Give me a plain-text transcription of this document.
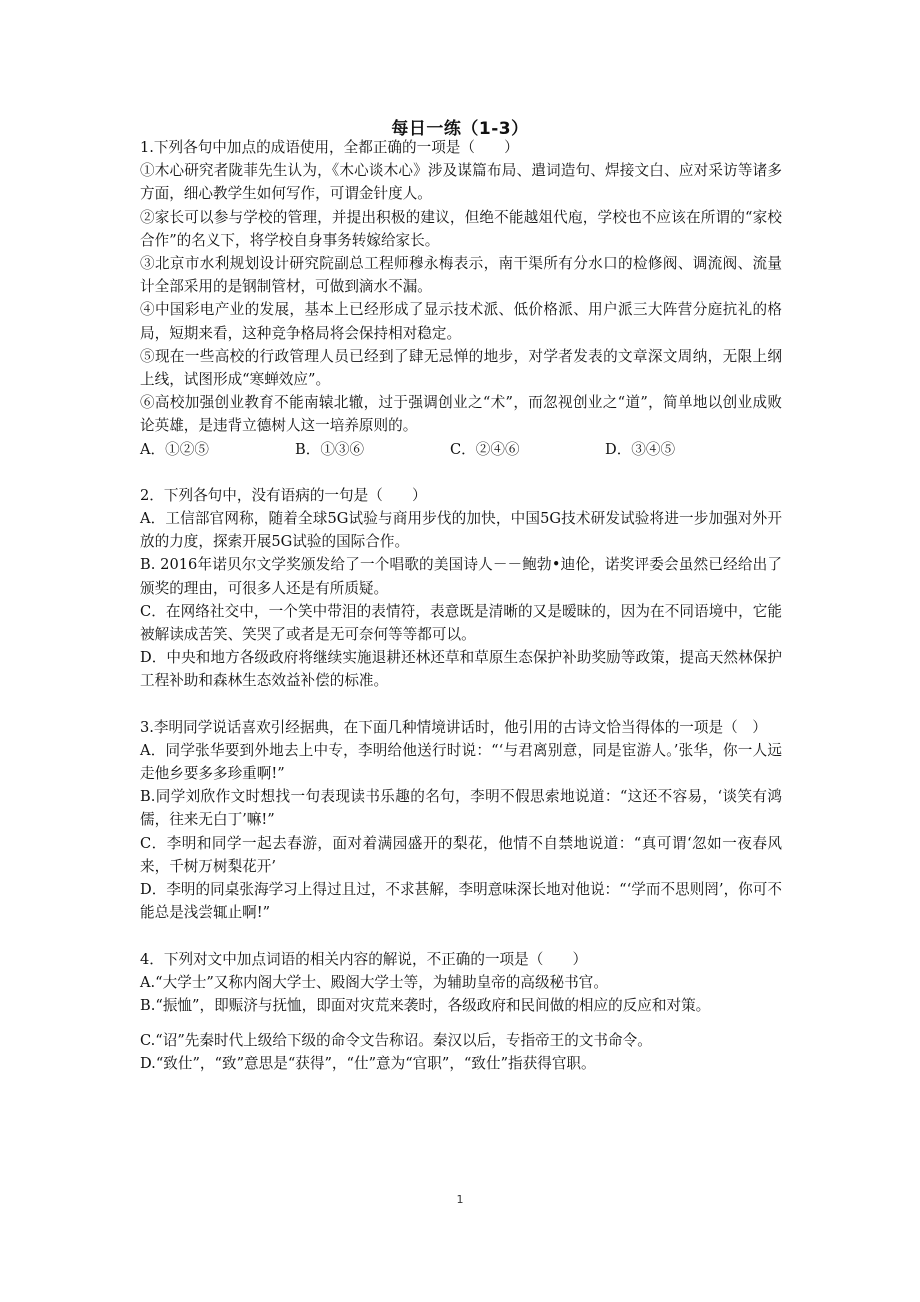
每日一练（1-3）

1.下列各句中加点的成语使用，全都正确的一项是（　　）

①木心研究者陇菲先生认为，《木心谈木心》涉及谋篇布局、遣词造句、焊接文白、应对采访等诸多方面，细心教学生如何写作，可谓金针度人。

②家长可以参与学校的管理，并提出积极的建议，但绝不能越俎代庖，学校也不应该在所谓的“家校合作”的名义下，将学校自身事务转嫁给家长。

③北京市水利规划设计研究院副总工程师穆永梅表示，南干渠所有分水口的检修阀、调流阀、流量计全部采用的是钢制管材，可做到滴水不漏。

④中国彩电产业的发展，基本上已经形成了显示技术派、低价格派、用户派三大阵营分庭抗礼的格局，短期来看，这种竞争格局将会保持相对稳定。

⑤现在一些高校的行政管理人员已经到了肆无忌惮的地步，对学者发表的文章深文周纳，无限上纲上线，试图形成“寒蝉效应”。

⑥高校加强创业教育不能南辕北辙，过于强调创业之“术”，而忽视创业之“道”，简单地以创业成败论英雄，是违背立德树人这一培养原则的。

A．①②⑤	B．①③⑥	C．②④⑥	D．③④⑤

2．下列各句中，没有语病的一句是（　　）

A．工信部官网称，随着全球5G试验与商用步伐的加快，中国5G技术研发试验将进一步加强对外开放的力度，探索开展5G试验的国际合作。

B. 2016年诺贝尔文学奖颁发给了一个唱歌的美国诗人－－鲍勃•迪伦，诺奖评委会虽然已经给出了颁奖的理由，可很多人还是有所质疑。

C．在网络社交中，一个笑中带泪的表情符，表意既是清晰的又是暧昧的，因为在不同语境中，它能被解读成苦笑、笑哭了或者是无可奈何等等都可以。

D．中央和地方各级政府将继续实施退耕还林还草和草原生态保护补助奖励等政策，提高天然林保护工程补助和森林生态效益补偿的标准。

3.李明同学说话喜欢引经据典，在下面几种情境讲话时，他引用的古诗文恰当得体的一项是（　）

A．同学张华要到外地去上中专，李明给他送行时说：“‘与君离别意，同是宦游人。’张华，你一人远走他乡要多多珍重啊!”

B.同学刘欣作文时想找一句表现读书乐趣的名句，李明不假思索地说道：“这还不容易，‘谈笑有鸿儒，往来无白丁’嘛!”

C．李明和同学一起去春游，面对着满园盛开的梨花，他情不自禁地说道：“真可谓‘忽如一夜春风来，千树万树梨花开’

D．李明的同桌张海学习上得过且过，不求甚解，李明意味深长地对他说：“‘学而不思则罔’，你可不能总是浅尝辄止啊!”

4．下列对文中加点词语的相关内容的解说，不正确的一项是（　　）

A.“大学士”又称内阁大学士、殿阁大学士等，为辅助皇帝的高级秘书官。

B.“振恤”，即赈济与抚恤，即面对灾荒来袭时，各级政府和民间做的相应的反应和对策。

C.“诏”先秦时代上级给下级的命令文告称诏。秦汉以后，专指帝王的文书命令。

D.“致仕”，“致”意思是“获得”，“仕”意为“官职”，“致仕”指获得官职。

1
